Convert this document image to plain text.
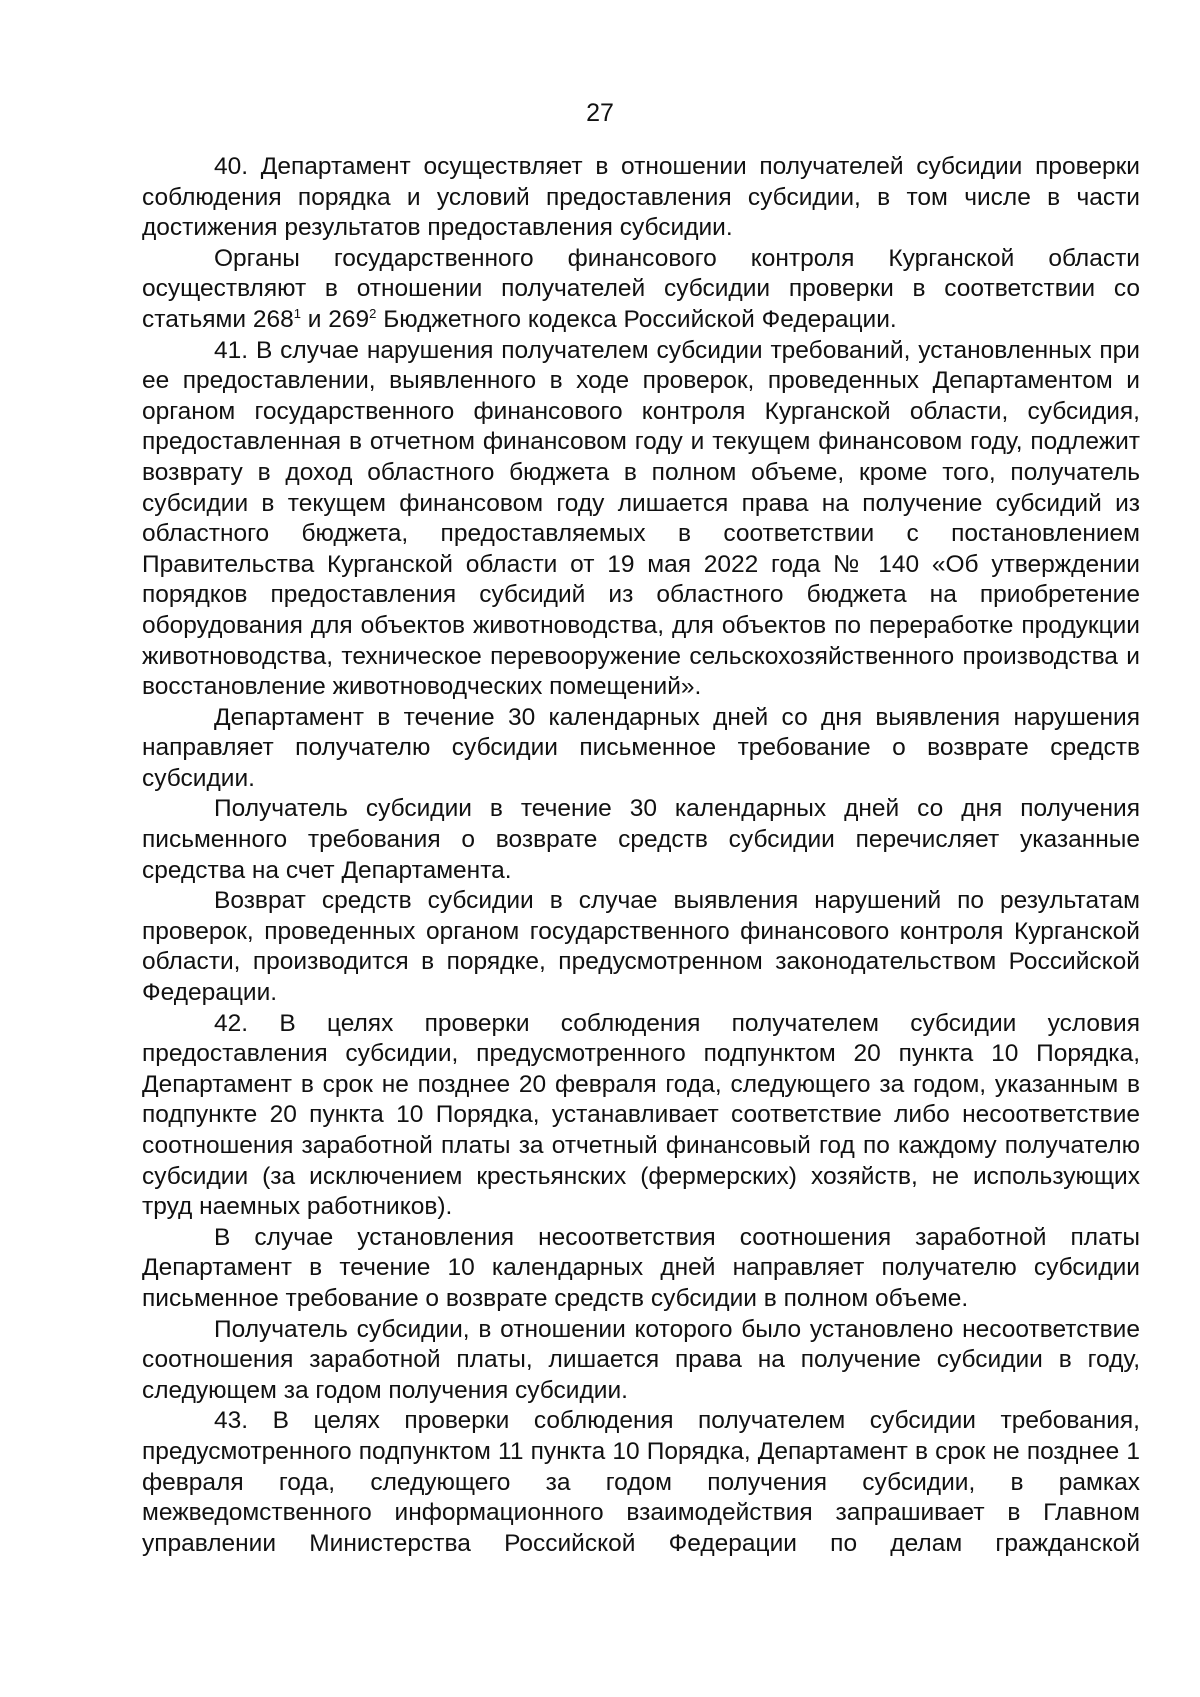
27

40. Департамент осуществляет в отношении получателей субсидии проверки соблюдения порядка и условий предоставления субсидии, в том числе в части достижения результатов предоставления субсидии.

Органы государственного финансового контроля Курганской области осуществляют в отношении получателей субсидии проверки в соответствии со статьями $268^1$ и $269^2$ Бюджетного кодекса Российской Федерации.

41. В случае нарушения получателем субсидии требований, установленных при ее предоставлении, выявленного в ходе проверок, проведенных Департаментом и органом государственного финансового контроля Курганской области, субсидия, предоставленная в отчетном финансовом году и текущем финансовом году, подлежит возврату в доход областного бюджета в полном объеме, кроме того, получатель субсидии в текущем финансовом году лишается права на получение субсидий из областного бюджета, предоставляемых в соответствии с постановлением Правительства Курганской области от 19 мая 2022 года № 140 «Об утверждении порядков предоставления субсидий из областного бюджета на приобретение оборудования для объектов животноводства, для объектов по переработке продукции животноводства, техническое перевооружение сельскохозяйственного производства и восстановление животноводческих помещений».

Департамент в течение 30 календарных дней со дня выявления нарушения направляет получателю субсидии письменное требование о возврате средств субсидии.

Получатель субсидии в течение 30 календарных дней со дня получения письменного требования о возврате средств субсидии перечисляет указанные средства на счет Департамента.

Возврат средств субсидии в случае выявления нарушений по результатам проверок, проведенных органом государственного финансового контроля Курганской области, производится в порядке, предусмотренном законодательством Российской Федерации.

42. В целях проверки соблюдения получателем субсидии условия предоставления субсидии, предусмотренного подпунктом 20 пункта 10 Порядка, Департамент в срок не позднее 20 февраля года, следующего за годом, указанным в подпункте 20 пункта 10 Порядка, устанавливает соответствие либо несоответствие соотношения заработной платы за отчетный финансовый год по каждому получателю субсидии (за исключением крестьянских (фермерских) хозяйств, не использующих труд наемных работников).

В случае установления несоответствия соотношения заработной платы Департамент в течение 10 календарных дней направляет получателю субсидии письменное требование о возврате средств субсидии в полном объеме.

Получатель субсидии, в отношении которого было установлено несоответствие соотношения заработной платы, лишается права на получение субсидии в году, следующем за годом получения субсидии.

43. В целях проверки соблюдения получателем субсидии требования, предусмотренного подпунктом 11 пункта 10 Порядка, Департамент в срок не позднее 1 февраля года, следующего за годом получения субсидии, в рамках межведомственного информационного взаимодействия запрашивает в Главном управлении Министерства Российской Федерации по делам гражданской
